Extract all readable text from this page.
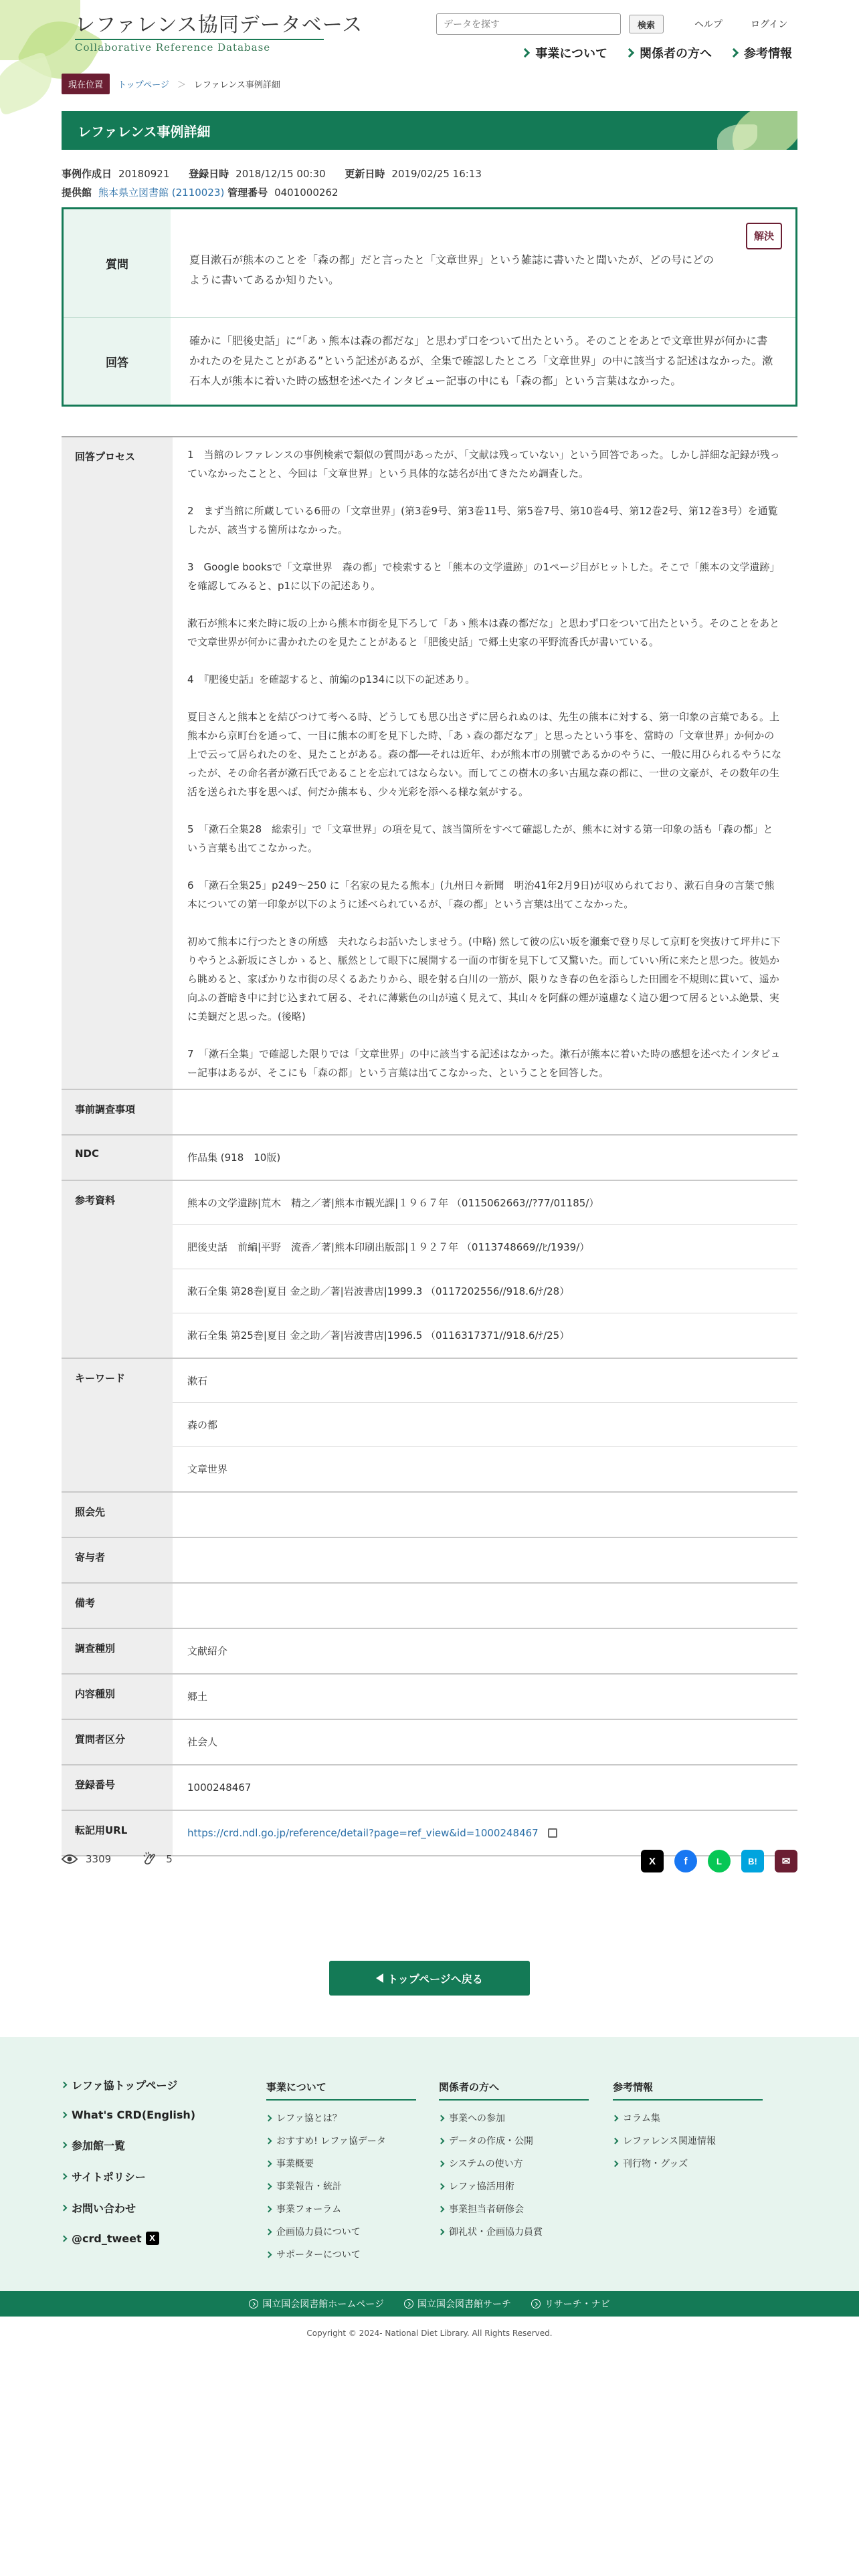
レファレンス協同データベース
Collaborative Reference Database
データを探す
検索	ヘルプ	ログイン
事業について	関係者の方へ	参考情報
現在位置	トップページ ＞ レファレンス事例詳細
レファレンス事例詳細
事例作成日 20180921 登録日時 2018/12/15 00:30 更新日時 2019/02/25 16:13
提供館 熊本県立図書館 (2110023) 管理番号 0401000262
質問
解決
夏目漱石が熊本のことを「森の都」だと言ったと「文章世界」という雑誌に書いたと聞いたが、どの号にどのように書いてあるか知りたい。
回答
確かに「肥後史話」に“「あゝ熊本は森の都だな」と思わず口をついて出たという。そのことをあとで文章世界が何かに書かれたのを見たことがある”という記述があるが、全集で確認したところ「文章世界」の中に該当する記述はなかった。漱石本人が熊本に着いた時の感想を述べたインタビュー記事の中にも「森の都」という言葉はなかった。
回答プロセス	1　当館のレファレンスの事例検索で類似の質問があったが、「文献は残っていない」という回答であった。しかし詳細な記録が残っていなかったことと、今回は「文章世界」という具体的な誌名が出てきたため調査した。

2　まず当館に所蔵している6冊の「文章世界」(第3巻9号、第3巻11号、第5巻7号、第10巻4号、第12巻2号、第12巻3号）を通覧したが、該当する箇所はなかった。

3　Google booksで「文章世界　森の都」で検索すると「熊本の文学遺跡」の1ページ目がヒットした。そこで「熊本の文学遺跡」を確認してみると、p1に以下の記述あり。

漱石が熊本に来た時に坂の上から熊本市街を見下ろして「あゝ熊本は森の都だな」と思わず口をついて出たという。そのことをあとで文章世界が何かに書かれたのを見たことがあると「肥後史話」で郷土史家の平野流香氏が書いている。

4　『肥後史話』を確認すると、前編のp134に以下の記述あり。

夏目さんと熊本とを結びつけて考へる時、どうしても思ひ出さずに居られぬのは、先生の熊本に対する、第一印象の言葉である。上熊本から京町台を通って、一目に熊本の町を見下した時、「あゝ森の都だなア」と思ったという事を、當時の「文章世界」か何かの上で云って居られたのを、見たことがある。森の都──それは近年、わが熊本市の別號であるかのやうに、一般に用ひられるやうになったが、その命名者が漱石氏であることを忘れてはならない。而してこの樹木の多い古風な森の都に、一世の文豪が、その数年の生活を送られた事を思へば、何だか熊本も、少々光彩を添へる様な氣がする。

5　「漱石全集28　総索引」で「文章世界」の項を見て、該当箇所をすべて確認したが、熊本に対する第一印象の話も「森の都」という言葉も出てこなかった。

6　「漱石全集25」p249〜250 に「名家の見たる熊本」(九州日々新聞　明治41年2月9日)が収められており、漱石自身の言葉で熊本についての第一印象が以下のように述べられているが、「森の都」という言葉は出てこなかった。

初めて熊本に行つたときの所感　夫れならお話いたしませう。(中略) 然して彼の広い坂を瀬棄で登り尽して京町を突抜けて坪井に下りやうとふ新坂にさしかゝると、脈然として眼下に展開する一面の市街を見下して又驚いた。而していい所に来たと思つた。彼処から眺めると、家ばかりな市街の尽くるあたりから、眼を射る白川の一筋が、限りなき春の色を添らした田圃を不規則に貫いて、遥か向ふの蒼暗き中に封じ込まれて居る、それに薄紫色の山が遠く見えて、其山々を阿蘇の煙が遠慮なく這ひ廻つて居るといふ絶景、実に美観だと思った。(後略)

7　「漱石全集」で確認した限りでは「文章世界」の中に該当する記述はなかった。漱石が熊本に着いた時の感想を述べたインタビュー記事はあるが、そこにも「森の都」という言葉は出てこなかった、ということを回答した。

事前調査事項
NDC	作品集 (918　10版)
参考資料	熊本の文学遺跡|荒木　精之／著|熊本市観光課|１９６７年 （0115062663//?77/01185/）
肥後史話　前編|平野　流香／著|熊本印刷出版部|１９２７年 （0113748669//ﾋ/1939/）
漱石全集 第28巻|夏目 金之助／著|岩波書店|1999.3 （0117202556//918.6/ﾅ/28）
漱石全集 第25巻|夏目 金之助／著|岩波書店|1996.5 （0116317371//918.6/ﾅ/25）
キーワード	漱石
森の都
文章世界
照会先
寄与者
備考
調査種別	文献紹介
内容種別	郷土
質問者区分	社会人
登録番号	1000248467
転記用URL	https://crd.ndl.go.jp/reference/detail?page=ref_view&id=1000248467
3309	5	X	f	L	B!	✉
トップページへ戻る
レファ協トップページ
What's CRD(English)
参加館一覧
サイトポリシー
お問い合わせ
@crd_tweet X
事業について
レファ協とは？
おすすめ! レファ協データ
事業概要
事業報告・統計
事業フォーラム
企画協力員について
サポーターについて
関係者の方へ
事業への参加
データの作成・公開
システムの使い方
レファ協活用術
事業担当者研修会
御礼状・企画協力員賞
参考情報
コラム集
レファレンス関連情報
刊行物・グッズ
国立国会図書館ホームページ	国立国会図書館サーチ	リサーチ・ナビ
Copyright © 2024- National Diet Library. All Rights Reserved.
